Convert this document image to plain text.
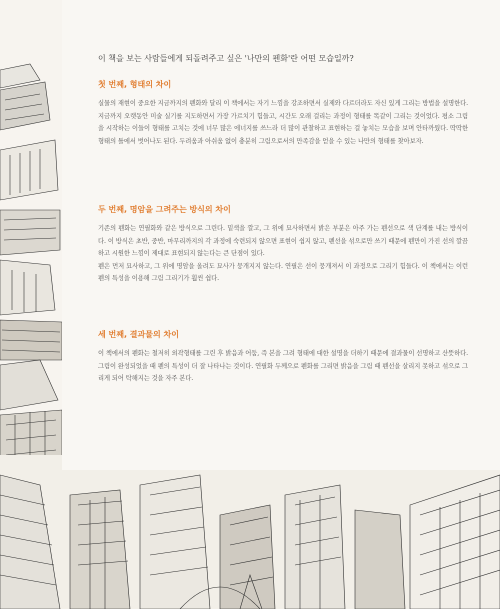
이 책을 보는 사람들에게 되돌려주고 싶은 '나만의 펜화'란 어떤 모습일까?

첫 번째, 형태의 차이

실물의 재현이 중요한 지금까지의 펜화와 달리 이 책에서는 자기 느낌을 강조하면서 실제와 다르더라도 자신 있게 그리는 방법을 설명한다. 지금까지 오랫동안 미술 실기를 지도하면서 가장 가르치기 힘들고, 시간도 오래 걸리는 과정이 형태를 똑같이 그리는 것이었다. 평소 그림을 시작하는 이들이 형태를 고치는 것에 너무 많은 에너지를 쓰느라 더 많이 관찰하고 표현하는 걸 놓치는 모습을 보며 안타까웠다. 딱딱한 형태의 틀에서 벗어나도 된다. 두려움과 아쉬움 없이 충분히 그림으로서의 만족감을 얻을 수 있는 나만의 형태를 찾아보자.

두 번째, 명암을 그려주는 방식의 차이

기존의 펜화는 연필화와 같은 방식으로 그린다. 밑색을 깔고, 그 위에 묘사하면서 밝은 부분은 아주 가는 펜선으로 색 단계를 내는 방식이다. 이 방식은 초반, 중반, 마무리까지의 각 과정에 숙련되지 않으면 표현이 쉽지 않고, 펜선을 섞으로만 쓰기 때문에 펜만이 가진 선의 깔끔하고 시원한 느낌이 제대로 표현되지 않는다는 큰 단점이 있다.

펜은 먼저 묘사하고, 그 위에 명암을 올려도 묘사가 뭉개지지 않는다. 연필은 선이 뭉개져서 이 과정으로 그리기 힘들다. 이 책에서는 이런 펜의 특성을 이용해 그림 그리기가 훨씬 쉽다.

세 번째, 결과물의 차이

이 책에서의 펜화는 철저히 외곽형태를 그린 후 밝음과 어둠, 즉 본을 그려 형태에 대한 설명을 더하기 때문에 결과물이 선명하고 산뜻하다. 그림이 완성되었을 때 펜의 특성이 더 잘 나타나는 것이다. 연필화 두께으로 펜화를 그리면 밝음을 그림 때 펜선을 살리지 못하고 섞으로 그리게 되어 탁해지는 것을 자주 본다.
